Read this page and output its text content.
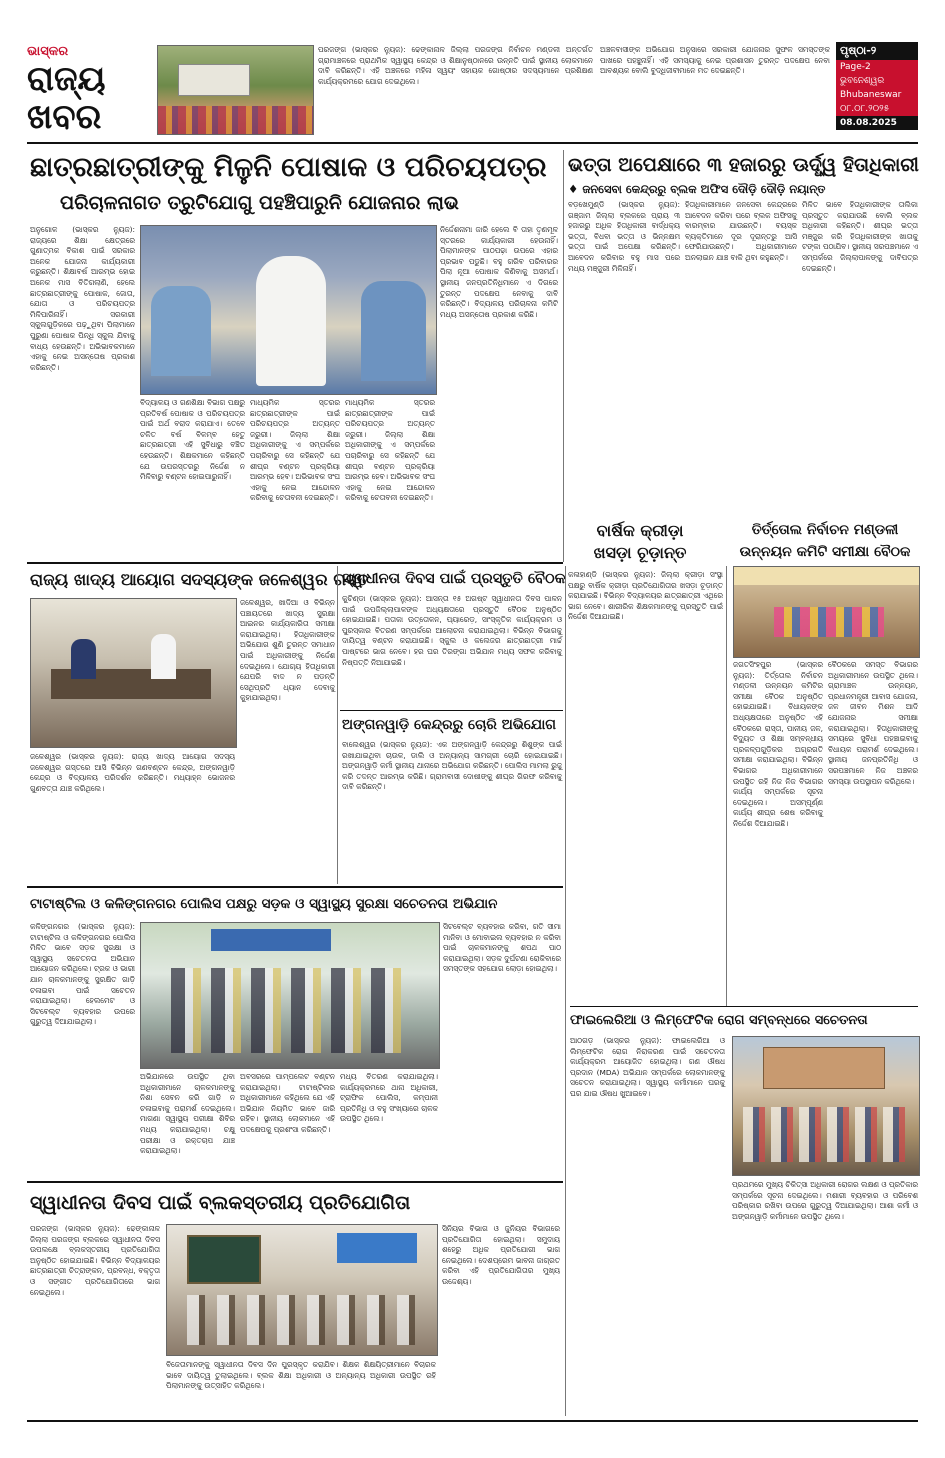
ଭାସ୍କର
ରାଜ୍ୟ
ଖବର
ପରଜଙ୍ଗ (ଭାସ୍କର ନ୍ୟୁଜ): ଢେଙ୍କାନାଳ ଜିଲ୍ଲା ପରଜଙ୍ଗ ନିର୍ବାଚନ ମଣ୍ଡଳୀ ଅନ୍ତର୍ଗତ ଗ୍ରାମାଞ୍ଚଳରେ ପ୍ରାଥମିକ ସ୍ୱାସ୍ଥ୍ୟ କେନ୍ଦ୍ର ଓ ଶିକ୍ଷାନୁଷ୍ଠାନରେ ଉନ୍ନତି ପାଇଁ ସ୍ଥାନୀୟ ଲୋକମାନେ ଦାବି କରିଛନ୍ତି। ଏହି ଅଞ୍ଚଳରେ ମହିଳା ସ୍ୱୟଂ ସହାୟକ ଗୋଷ୍ଠୀର ସଦସ୍ୟମାନେ ପ୍ରଶିକ୍ଷଣ କାର୍ଯ୍ୟକ୍ରମରେ ଯୋଗ ଦେଇଥିଲେ।
ଅଞ୍ଚଳବାସୀଙ୍କ ଅଭିଯୋଗ ଅନୁସାରେ ସରକାରୀ ଯୋଜନାର ସୁଫଳ ସମସ୍ତଙ୍କ ପାଖରେ ପହଞ୍ଚୁନାହିଁ। ଏହି ସମସ୍ୟାକୁ ନେଇ ପ୍ରଶାସନ ତୁରନ୍ତ ପଦକ୍ଷେପ ନେବା ଆବଶ୍ୟକ ବୋଲି ବୁଦ୍ଧିଜୀବୀମାନେ ମତ ଦେଇଛନ୍ତି।
ପୃଷ୍ଠା-୨
Page-2
ଭୁବନେଶ୍ୱର
Bhubaneswar
୦୮.୦୮.୨୦୨୫
08.08.2025
ଛାତ୍ରଛାତ୍ରୀଙ୍କୁ ମିଳୁନି ପୋଷାକ ଓ ପରିଚୟପତ୍ର
ପରିଚାଳନାଗତ ତ୍ରୁଟିଯୋଗୁ ପହଞ୍ଚିପାରୁନି ଯୋଜନାର ଲାଭ
ଅନୁଗୋଳ (ଭାସ୍କର ନ୍ୟୁଜ): ରାଜ୍ୟରେ ଶିକ୍ଷା କ୍ଷେତ୍ରରେ ଗୁଣାତ୍ମକ ବିକାଶ ପାଇଁ ସରକାର ଅନେକ ଯୋଜନା କାର୍ଯ୍ୟକାରୀ କରୁଛନ୍ତି। ଶିକ୍ଷାବର୍ଷ ଆରମ୍ଭ ହୋଇ ଅନେକ ମାସ ବିତିଗଲାଣି, ହେଲେ ଛାତ୍ରଛାତ୍ରୀଙ୍କୁ ପୋଷାକ, ଜୋତା, ଯୋତା ଓ ପରିଚୟପତ୍ର ମିଳିପାରିନାହିଁ। ସରକାରୀ ସ୍କୁଲଗୁଡ଼ିକରେ ପଢ଼ୁଥିବା ପିଲାମାନେ ପୁରୁଣା ପୋଷାକ ପିନ୍ଧି ସ୍କୁଲ ଯିବାକୁ ବାଧ୍ୟ ହେଉଛନ୍ତି। ଅଭିଭାବକମାନେ ଏହାକୁ ନେଇ ଅସନ୍ତୋଷ ପ୍ରକାଶ କରିଛନ୍ତି।
ବିଦ୍ୟାଳୟ ଓ ଗଣଶିକ୍ଷା ବିଭାଗ ପକ୍ଷରୁ ପ୍ରତିବର୍ଷ ପୋଷାକ ଓ ପରିଚୟପତ୍ର ପାଇଁ ଅର୍ଥ ବରାଦ କରାଯାଏ। ତେବେ ଚଳିତ ବର୍ଷ ବିଳମ୍ବ ହେତୁ ଛାତ୍ରଛାତ୍ରୀ ଏହି ସୁବିଧାରୁ ବଞ୍ଚିତ ହେଉଛନ୍ତି। ଶିକ୍ଷକମାନେ କହିଛନ୍ତି ଯେ ଉପରସ୍ତରରୁ ନିର୍ଦ୍ଦେଶ ନ ମିଳିବାରୁ ବଣ୍ଟନ ହୋଇପାରୁନାହିଁ।
ମାଧ୍ୟମିକ ସ୍ତରର ଛାତ୍ରଛାତ୍ରୀଙ୍କ ପାଇଁ ପରିଚୟପତ୍ର ଅତ୍ୟନ୍ତ ଜରୁରୀ। ଜିଲ୍ଲା ଶିକ୍ଷା ଅଧିକାରୀଙ୍କୁ ଏ ସମ୍ପର୍କରେ ପଚାରିବାରୁ ସେ କହିଛନ୍ତି ଯେ ଶୀଘ୍ର ବଣ୍ଟନ ପ୍ରକ୍ରିୟା ଆରମ୍ଭ ହେବ। ଅଭିଭାବକ ସଂଘ ଏହାକୁ ନେଇ ଆନ୍ଦୋଳନ କରିବାକୁ ଚେତାବନୀ ଦେଇଛନ୍ତି।
ମାଧ୍ୟମିକ ସ୍ତରର ଛାତ୍ରଛାତ୍ରୀଙ୍କ ପାଇଁ ପରିଚୟପତ୍ର ଅତ୍ୟନ୍ତ ଜରୁରୀ। ଜିଲ୍ଲା ଶିକ୍ଷା ଅଧିକାରୀଙ୍କୁ ଏ ସମ୍ପର୍କରେ ପଚାରିବାରୁ ସେ କହିଛନ୍ତି ଯେ ଶୀଘ୍ର ବଣ୍ଟନ ପ୍ରକ୍ରିୟା ଆରମ୍ଭ ହେବ। ଅଭିଭାବକ ସଂଘ ଏହାକୁ ନେଇ ଆନ୍ଦୋଳନ କରିବାକୁ ଚେତାବନୀ ଦେଇଛନ୍ତି।
ନିର୍ଦ୍ଦେଶନାମା ଜାରି ହେଲେ ବି ତାହା ତୃଣମୂଳ ସ୍ତରରେ କାର୍ଯ୍ୟକାରୀ ହେଉନାହିଁ। ପିଲାମାନଙ୍କ ପାଠପଢ଼ା ଉପରେ ଏହାର ପ୍ରଭାବ ପଡୁଛି। ବହୁ ଗରିବ ପରିବାରର ପିଲା ନୂଆ ପୋଷାକ କିଣିବାକୁ ଅସମର୍ଥ। ସ୍ଥାନୀୟ ଜନପ୍ରତିନିଧିମାନେ ଏ ଦିଗରେ ତୁରନ୍ତ ପଦକ୍ଷେପ ନେବାକୁ ଦାବି କରିଛନ୍ତି। ବିଦ୍ୟାଳୟ ପରିଚାଳନା କମିଟି ମଧ୍ୟ ଅସନ୍ତୋଷ ପ୍ରକାଶ କରିଛି।
ଭତ୍ତା ଅପେକ୍ଷାରେ ୩ ହଜାରରୁ ଊର୍ଦ୍ଧ୍ୱ ହିତାଧିକାରୀ
♦ ଜନସେବା କେନ୍ଦ୍ରରୁ ବ୍ଲକ ଅଫିସ ଦୌଡ଼ି ଦୌଡ଼ି ନୟାନ୍ତ
ବଡ଼ଖେମୁଣ୍ଡି (ଭାସ୍କର ନ୍ୟୁଜ): ଗଞ୍ଜାମ ଜିଲ୍ଲା ବ୍ଲକରେ ପ୍ରାୟ ୩ ହଜାରରୁ ଅଧିକ ହିତାଧିକାରୀ ବାର୍ଦ୍ଧକ୍ୟ ଭତ୍ତା, ବିଧବା ଭତ୍ତା ଓ ଭିନ୍ନକ୍ଷମ ଭତ୍ତା ପାଇଁ ଅପେକ୍ଷା କରିଛନ୍ତି। ଆବେଦନ କରିବାର ବହୁ ମାସ ପରେ ମଧ୍ୟ ମଞ୍ଜୁରୀ ମିଳିନାହିଁ।
ହିତାଧିକାରୀମାନେ ଜନସେବା କେନ୍ଦ୍ରରେ ଆବେଦନ କରିବା ପରେ ବ୍ଲକ ଅଫିସକୁ ବାରମ୍ବାର ଯାଉଛନ୍ତି। ବୟସ୍କ ବ୍ୟକ୍ତିମାନେ ଦୂର ଦୂରାନ୍ତରୁ ଆସି ଫେରିଯାଉଛନ୍ତି। ଅଧିକାରୀମାନେ ଅନଲାଇନ ଯାଞ୍ଚ ବାକି ଥିବା କହୁଛନ୍ତି।
ମିଳିତ ଭାବେ ହିତାଧିକାରୀଙ୍କ ତାଲିକା ପ୍ରସ୍ତୁତ କରାଯାଉଛି ବୋଲି ବ୍ଲକ ଅଧିକାରୀ କହିଛନ୍ତି। ଶୀଘ୍ର ଭତ୍ତା ମଞ୍ଜୁର କରି ହିତାଧିକାରୀଙ୍କ ଖାତାକୁ ଟଙ୍କା ପଠାଯିବ। ସ୍ଥାନୀୟ ସରପଞ୍ଚମାନେ ଏ ସମ୍ପର୍କରେ ଜିଲ୍ଲାପାଳଙ୍କୁ ଦାବିପତ୍ର ଦେଇଛନ୍ତି।
ବାର୍ଷିକ କ୍ରୀଡ଼ା ଖସଡ଼ା ଚୂଡ଼ାନ୍ତ
କଳାହାଣ୍ଡି (ଭାସ୍କର ନ୍ୟୁଜ): ଜିଲ୍ଲା କ୍ରୀଡ଼ା ସଂସ୍ଥା ପକ୍ଷରୁ ବାର୍ଷିକ କ୍ରୀଡ଼ା ପ୍ରତିଯୋଗିତାର ଖସଡ଼ା ଚୂଡ଼ାନ୍ତ କରାଯାଇଛି। ବିଭିନ୍ନ ବିଦ୍ୟାଳୟର ଛାତ୍ରଛାତ୍ରୀ ଏଥିରେ ଭାଗ ନେବେ। ଶାରୀରିକ ଶିକ୍ଷକମାନଙ୍କୁ ପ୍ରସ୍ତୁତି ପାଇଁ ନିର୍ଦ୍ଦେଶ ଦିଆଯାଇଛି।
ତିର୍ତ୍ତୋଲ ନିର୍ବାଚନ ମଣ୍ଡଳୀ
ଉନ୍ନୟନ କମିଟି ସମୀକ୍ଷା ବୈଠକ
ଜଗତସିଂହପୁର (ଭାସ୍କର ନ୍ୟୁଜ): ତିର୍ତ୍ତୋଲ ନିର୍ବାଚନ ମଣ୍ଡଳୀ ଉନ୍ନୟନ କମିଟିର ସମୀକ୍ଷା ବୈଠକ ଅନୁଷ୍ଠିତ ହୋଇଯାଇଛି। ବିଧାୟକଙ୍କ ଅଧ୍ୟକ୍ଷତାରେ ଅନୁଷ୍ଠିତ ଏହି ବୈଠକରେ ରାସ୍ତା, ପାନୀୟ ଜଳ, ବିଦ୍ୟୁତ ଓ ଶିକ୍ଷା ସମ୍ବନ୍ଧୀୟ ପ୍ରକଳ୍ପଗୁଡ଼ିକର ଅଗ୍ରଗତି ସମୀକ୍ଷା କରାଯାଇଥିଲା। ବିଭିନ୍ନ ବିଭାଗର ଅଧିକାରୀମାନେ ଉପସ୍ଥିତ ରହି ନିଜ ନିଜ ବିଭାଗର କାର୍ଯ୍ୟ ସମ୍ପର୍କରେ ସୂଚନା ଦେଇଥିଲେ। ଅସମ୍ପୂର୍ଣ୍ଣ କାର୍ଯ୍ୟ ଶୀଘ୍ର ଶେଷ କରିବାକୁ ନିର୍ଦ୍ଦେଶ ଦିଆଯାଇଛି।
ବୈଠକରେ ସମସ୍ତ ବିଭାଗର ଅଧିକାରୀମାନେ ଉପସ୍ଥିତ ଥିଲେ। ଗ୍ରାମାଞ୍ଚଳ ଉନ୍ନୟନ, ପ୍ରଧାନମନ୍ତ୍ରୀ ଆବାସ ଯୋଜନା, ଜଳ ଜୀବନ ମିଶନ ଆଦି ଯୋଜନାର ସମୀକ୍ଷା କରାଯାଇଥିଲା। ହିତାଧିକାରୀଙ୍କୁ ସମୟରେ ସୁବିଧା ପହଞ୍ଚାଇବାକୁ ବିଧାୟକ ପରାମର୍ଶ ଦେଇଥିଲେ। ସ୍ଥାନୀୟ ଜନପ୍ରତିନିଧି ଓ ସରପଞ୍ଚମାନେ ନିଜ ଅଞ୍ଚଳର ସମସ୍ୟା ଉପସ୍ଥାପନ କରିଥିଲେ।
ରାଜ୍ୟ ଖାଦ୍ୟ ଆୟୋଗ ସଦସ୍ୟଙ୍କ ଜଳେଶ୍ୱର ଗସ୍ତ
ଜଳେଶ୍ୱର (ଭାସ୍କର ନ୍ୟୁଜ): ରାଜ୍ୟ ଖାଦ୍ୟ ଆୟୋଗ ସଦସ୍ୟ ଜଳେଶ୍ୱର ଗସ୍ତରେ ଆସି ବିଭିନ୍ନ ଗଣବଣ୍ଟନ କେନ୍ଦ୍ର, ଅଙ୍ଗନୱାଡ଼ି କେନ୍ଦ୍ର ଓ ବିଦ୍ୟାଳୟ ପରିଦର୍ଶନ କରିଛନ୍ତି। ମଧ୍ୟାହ୍ନ ଭୋଜନର ଗୁଣବତ୍ତା ଯାଞ୍ଚ କରିଥିଲେ।
ଜଳେଶ୍ୱର, ଖାଦିଆ ଓ ବିଭିନ୍ନ ପଞ୍ଚାୟତରେ ଖାଦ୍ୟ ସୁରକ୍ଷା ଆଇନର କାର୍ଯ୍ୟକାରିତା ସମୀକ୍ଷା କରାଯାଇଥିଲା। ହିତାଧିକାରୀଙ୍କ ଅଭିଯୋଗ ଶୁଣି ତୁରନ୍ତ ସମାଧାନ ପାଇଁ ଅଧିକାରୀଙ୍କୁ ନିର୍ଦ୍ଦେଶ ଦେଇଥିଲେ। ଯୋଗ୍ୟ ହିତାଧିକାରୀ ଯେପରି ବାଦ ନ ପଡ଼ନ୍ତି ସେଥିପ୍ରତି ଧ୍ୟାନ ଦେବାକୁ କୁହାଯାଇଥିଲା।
ସ୍ୱାଧୀନତା ଦିବସ ପାଇଁ ପ୍ରସ୍ତୁତି ବୈଠକ
କୁଚିଣ୍ଡା (ଭାସ୍କର ନ୍ୟୁଜ): ଆସନ୍ତା ୧୫ ଅଗଷ୍ଟ ସ୍ୱାଧୀନତା ଦିବସ ପାଳନ ପାଇଁ ଉପଜିଲ୍ଲାପାଳଙ୍କ ଅଧ୍ୟକ୍ଷତାରେ ପ୍ରସ୍ତୁତି ବୈଠକ ଅନୁଷ୍ଠିତ ହୋଇଯାଇଛି। ପତାକା ଉତ୍ତୋଳନ, ପ୍ୟାରେଡ଼, ସାଂସ୍କୃତିକ କାର୍ଯ୍ୟକ୍ରମ ଓ ପୁରସ୍କାର ବିତରଣ ସମ୍ପର୍କରେ ଆଲୋଚନା କରାଯାଇଥିଲା। ବିଭିନ୍ନ ବିଭାଗକୁ ଦାୟିତ୍ୱ ବଣ୍ଟନ କରାଯାଇଛି। ସ୍କୁଲ ଓ କଲେଜର ଛାତ୍ରଛାତ୍ରୀ ମାର୍ଚ୍ଚ ପାଷ୍ଟରେ ଭାଗ ନେବେ। ହର ଘର ତିରଙ୍ଗା ଅଭିଯାନ ମଧ୍ୟ ସଫଳ କରିବାକୁ ନିଷ୍ପତ୍ତି ନିଆଯାଇଛି।
ଅଙ୍ଗନୱାଡ଼ି କେନ୍ଦ୍ରରୁ ଚୋରି ଅଭିଯୋଗ
ବାଲେଶ୍ୱର (ଭାସ୍କର ନ୍ୟୁଜ): ଏକ ଅଙ୍ଗନୱାଡ଼ି କେନ୍ଦ୍ରରୁ ଶିଶୁଙ୍କ ପାଇଁ ରଖାଯାଇଥିବା ଚାଉଳ, ଡାଲି ଓ ଅନ୍ୟାନ୍ୟ ସାମଗ୍ରୀ ଚୋରି ହୋଇଯାଇଛି। ଅଙ୍ଗନୱାଡ଼ି କର୍ମୀ ସ୍ଥାନୀୟ ଥାନାରେ ଅଭିଯୋଗ କରିଛନ୍ତି। ପୋଲିସ ମାମଲା ରୁଜୁ କରି ତଦନ୍ତ ଆରମ୍ଭ କରିଛି। ଗ୍ରାମବାସୀ ଦୋଷୀଙ୍କୁ ଶୀଘ୍ର ଗିରଫ କରିବାକୁ ଦାବି କରିଛନ୍ତି।
ଟାଟାଷ୍ଟିଲ ଓ କଳିଙ୍ଗନଗର ପୋଲିସ ପକ୍ଷରୁ ସଡ଼କ ଓ ସ୍ୱାସ୍ଥ୍ୟ ସୁରକ୍ଷା ସଚେତନତା ଅଭିଯାନ
କଳିଙ୍ଗନଗର (ଭାସ୍କର ନ୍ୟୁଜ): ଟାଟାଷ୍ଟିଲ ଓ କଳିଙ୍ଗନଗର ପୋଲିସ ମିଳିତ ଭାବେ ସଡ଼କ ସୁରକ୍ଷା ଓ ସ୍ୱାସ୍ଥ୍ୟ ସଚେତନତା ଅଭିଯାନ ଆୟୋଜନ କରିଥିଲେ। ଟ୍ରକ ଓ ଭାରୀ ଯାନ ଚାଳକମାନଙ୍କୁ ସୁରକ୍ଷିତ ଗାଡ଼ି ଚଳାଇବା ପାଇଁ ସଚେତନ କରାଯାଇଥିଲା। ହେଲମେଟ ଓ ସିଟବେଲ୍ଟ ବ୍ୟବହାର ଉପରେ ଗୁରୁତ୍ୱ ଦିଆଯାଇଥିଲା।
ଅଭିଯାନରେ ଉପସ୍ଥିତ ଥିବା ଅଧିକାରୀମାନେ ଚାଳକମାନଙ୍କୁ ନିଶା ସେବନ କରି ଗାଡ଼ି ନ ଚଳାଇବାକୁ ପରାମର୍ଶ ଦେଇଥିଲେ। ମାଗଣା ସ୍ୱାସ୍ଥ୍ୟ ପରୀକ୍ଷା ଶିବିର ମଧ୍ୟ କରାଯାଇଥିଲା। ଚକ୍ଷୁ ପରୀକ୍ଷା ଓ ରକ୍ତଚାପ ଯାଞ୍ଚ କରାଯାଇଥିଲା।
ଅବସରରେ ପାମ୍ପଲେଟ ବଣ୍ଟନ କରାଯାଇଥିଲା। ଟାଟାଷ୍ଟିଲର ଅଧିକାରୀମାନେ କହିଥିଲେ ଯେ ଏହି ଅଭିଯାନ ନିୟମିତ ଭାବେ ଜାରି ରହିବ। ସ୍ଥାନୀୟ ଲୋକମାନେ ଏହି ପଦକ୍ଷେପକୁ ପ୍ରଶଂସା କରିଛନ୍ତି।
ମଧ୍ୟ ବିତରଣ କରାଯାଇଥିଲା। କାର୍ଯ୍ୟକ୍ରମରେ ଥାନା ଅଧିକାରୀ, ଟ୍ରାଫିକ ପୋଲିସ, କମ୍ପାନୀ ପ୍ରତିନିଧି ଓ ବହୁ ସଂଖ୍ୟାରେ ଚାଳକ ଉପସ୍ଥିତ ଥିଲେ।
ସିଟବେଲ୍ଟ ବ୍ୟବହାର କରିବା, ଗତି ସୀମା ମାନିବା ଓ ମୋବାଇଲ ବ୍ୟବହାର ନ କରିବା ପାଇଁ ଚାଳକମାନଙ୍କୁ ଶପଥ ପାଠ କରାଯାଇଥିଲା। ସଡ଼କ ଦୁର୍ଘଟଣା ରୋକିବାରେ ସମସ୍ତଙ୍କ ସହଯୋଗ ଲୋଡ଼ା ହୋଇଥିଲା।
ଫାଇଲେରିଆ ଓ ଲିମ୍ଫେଟିକ ରୋଗ ସମ୍ବନ୍ଧରେ ସଚେତନତା
ଆଠଗଡ଼ (ଭାସ୍କର ନ୍ୟୁଜ): ଫାଇଲେରିଆ ଓ ଲିମ୍ଫେଟିକ ରୋଗ ନିରାକରଣ ପାଇଁ ସଚେତନତା କାର୍ଯ୍ୟକ୍ରମ ଆୟୋଜିତ ହୋଇଥିଲା। ଗଣ ଔଷଧ ପ୍ରଦାନ (MDA) ଅଭିଯାନ ସମ୍ପର୍କରେ ଲୋକମାନଙ୍କୁ ସଚେତନ କରାଯାଇଥିଲା। ସ୍ୱାସ୍ଥ୍ୟ କର୍ମୀମାନେ ଘରକୁ ଘର ଯାଇ ଔଷଧ ଖୁଆଇବେ।
ପ୍ରଥମରେ ମୁଖ୍ୟ ଚିକିତ୍ସା ଅଧିକାରୀ ରୋଗର ଲକ୍ଷଣ ଓ ପ୍ରତିକାର ସମ୍ପର୍କରେ ସୂଚନା ଦେଇଥିଲେ। ମଶାରୀ ବ୍ୟବହାର ଓ ପରିବେଶ ପରିଷ୍କାର ରଖିବା ଉପରେ ଗୁରୁତ୍ୱ ଦିଆଯାଇଥିଲା। ଆଶା କର୍ମୀ ଓ ଅଙ୍ଗନୱାଡ଼ି କର୍ମୀମାନେ ଉପସ୍ଥିତ ଥିଲେ।
ସ୍ୱାଧୀନତା ଦିବସ ପାଇଁ ବ୍ଲକସ୍ତରୀୟ ପ୍ରତିଯୋଗିତା
ପରଜଙ୍ଗ (ଭାସ୍କର ନ୍ୟୁଜ): ଢେଙ୍କାନାଳ ଜିଲ୍ଲା ପରଜଙ୍ଗ ବ୍ଲକରେ ସ୍ୱାଧୀନତା ଦିବସ ଉପଲକ୍ଷେ ବ୍ଲକସ୍ତରୀୟ ପ୍ରତିଯୋଗିତା ଅନୁଷ୍ଠିତ ହୋଇଯାଇଛି। ବିଭିନ୍ନ ବିଦ୍ୟାଳୟର ଛାତ୍ରଛାତ୍ରୀ ଚିତ୍ରାଙ୍କନ, ପ୍ରବନ୍ଧ, ବକ୍ତୃତା ଓ ସଙ୍ଗୀତ ପ୍ରତିଯୋଗିତାରେ ଭାଗ ନେଇଥିଲେ।
ବିଜେତାମାନଙ୍କୁ ସ୍ୱାଧୀନତା ଦିବସ ଦିନ ପୁରସ୍କୃତ କରାଯିବ। ଶିକ୍ଷକ ଶିକ୍ଷୟିତ୍ରୀମାନେ ବିଚାରକ ଭାବେ ଦାୟିତ୍ୱ ତୁଲାଇଥିଲେ। ବ୍ଲକ ଶିକ୍ଷା ଅଧିକାରୀ ଓ ଅନ୍ୟାନ୍ୟ ଅଧିକାରୀ ଉପସ୍ଥିତ ରହି ପିଲାମାନଙ୍କୁ ଉତ୍ସାହିତ କରିଥିଲେ।
ସିନିୟର ବିଭାଗ ଓ ଜୁନିୟର ବିଭାଗରେ ପ୍ରତିଯୋଗିତା ହୋଇଥିଲା। ସମୁଦାୟ ଶହେରୁ ଅଧିକ ପ୍ରତିଯୋଗୀ ଭାଗ ନେଇଥିଲେ। ଦେଶପ୍ରେମ ଭାବନା ଜାଗ୍ରତ କରିବା ଏହି ପ୍ରତିଯୋଗିତାର ମୁଖ୍ୟ ଉଦ୍ଦେଶ୍ୟ।
